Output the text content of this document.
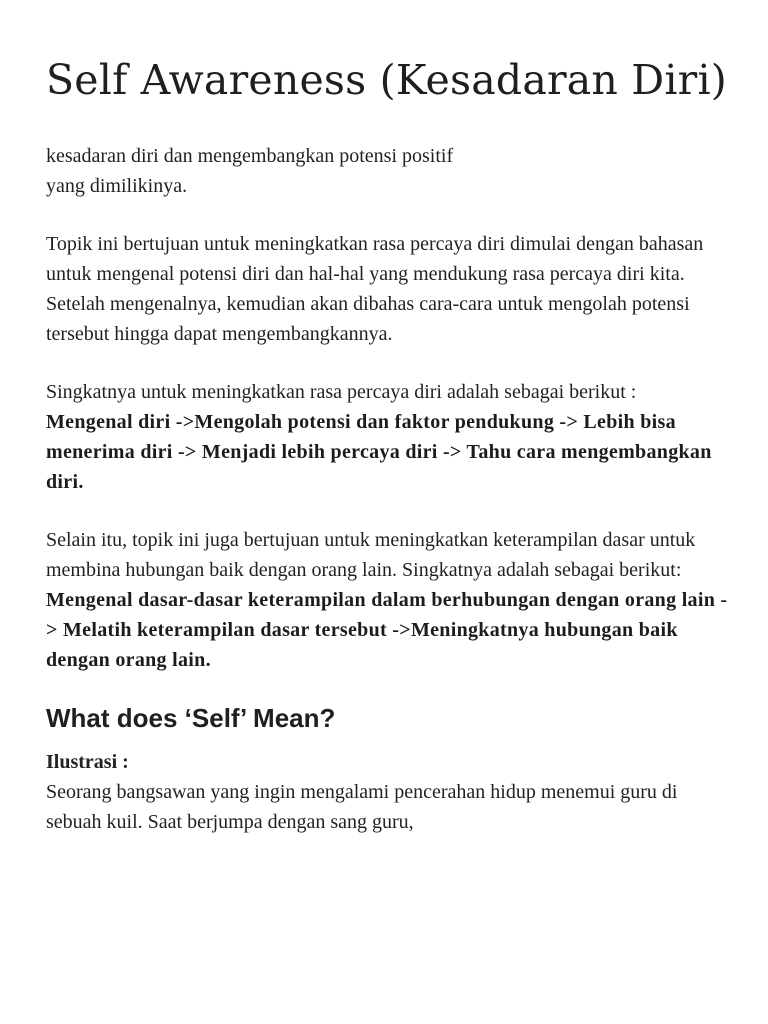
Self Awareness (Kesadaran Diri)

kesadaran diri dan mengembangkan potensi positif
yang dimilikinya.

Topik ini bertujuan untuk meningkatkan rasa percaya diri dimulai dengan bahasan untuk mengenal potensi diri dan hal-hal yang mendukung rasa percaya diri kita. Setelah mengenalnya, kemudian akan dibahas cara-cara untuk mengolah potensi tersebut hingga dapat mengembangkannya.

Singkatnya untuk meningkatkan rasa percaya diri adalah sebagai berikut :
Mengenal diri ->Mengolah potensi dan faktor pendukung -> Lebih bisa menerima diri -> Menjadi lebih percaya diri -> Tahu cara mengembangkan diri.

Selain itu, topik ini juga bertujuan untuk meningkatkan keterampilan dasar untuk membina hubungan baik dengan orang lain. Singkatnya adalah sebagai berikut:
Mengenal dasar-dasar keterampilan dalam berhubungan dengan orang lain -> Melatih keterampilan dasar tersebut ->Meningkatnya hubungan baik dengan orang lain.

What does ‘Self’ Mean?

Ilustrasi :
Seorang bangsawan yang ingin mengalami pencerahan hidup menemui guru di sebuah kuil. Saat berjumpa dengan sang guru,
